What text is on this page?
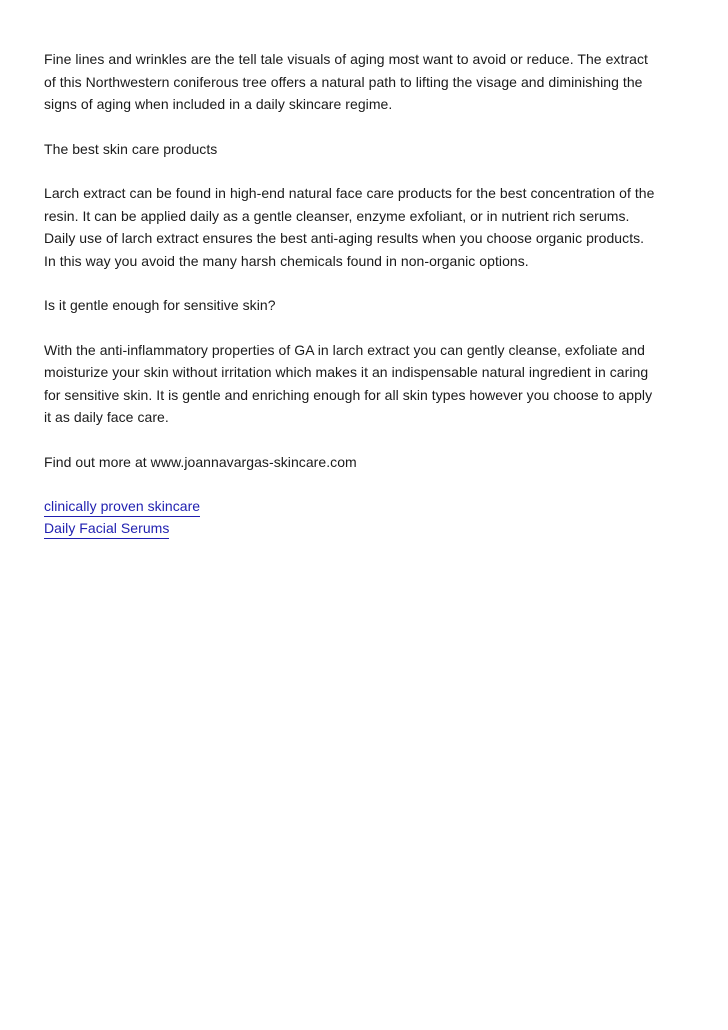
Fine lines and wrinkles are the tell tale visuals of aging most want to avoid or reduce. The extract
of this Northwestern coniferous tree offers a natural path to lifting the visage and diminishing the
signs of aging when included in a daily skincare regime.

The best skin care products

Larch extract can be found in high-end natural face care products for the best concentration of the
resin. It can be applied daily as a gentle cleanser, enzyme exfoliant, or in nutrient rich serums.
Daily use of larch extract ensures the best anti-aging results when you choose organic products.
In this way you avoid the many harsh chemicals found in non-organic options.

Is it gentle enough for sensitive skin?

With the anti-inflammatory properties of GA in larch extract you can gently cleanse, exfoliate and
moisturize your skin without irritation which makes it an indispensable natural ingredient in caring
for sensitive skin. It is gentle and enriching enough for all skin types however you choose to apply
it as daily face care.

Find out more at www.joannavargas-skincare.com

clinically proven skincare
Daily Facial Serums
